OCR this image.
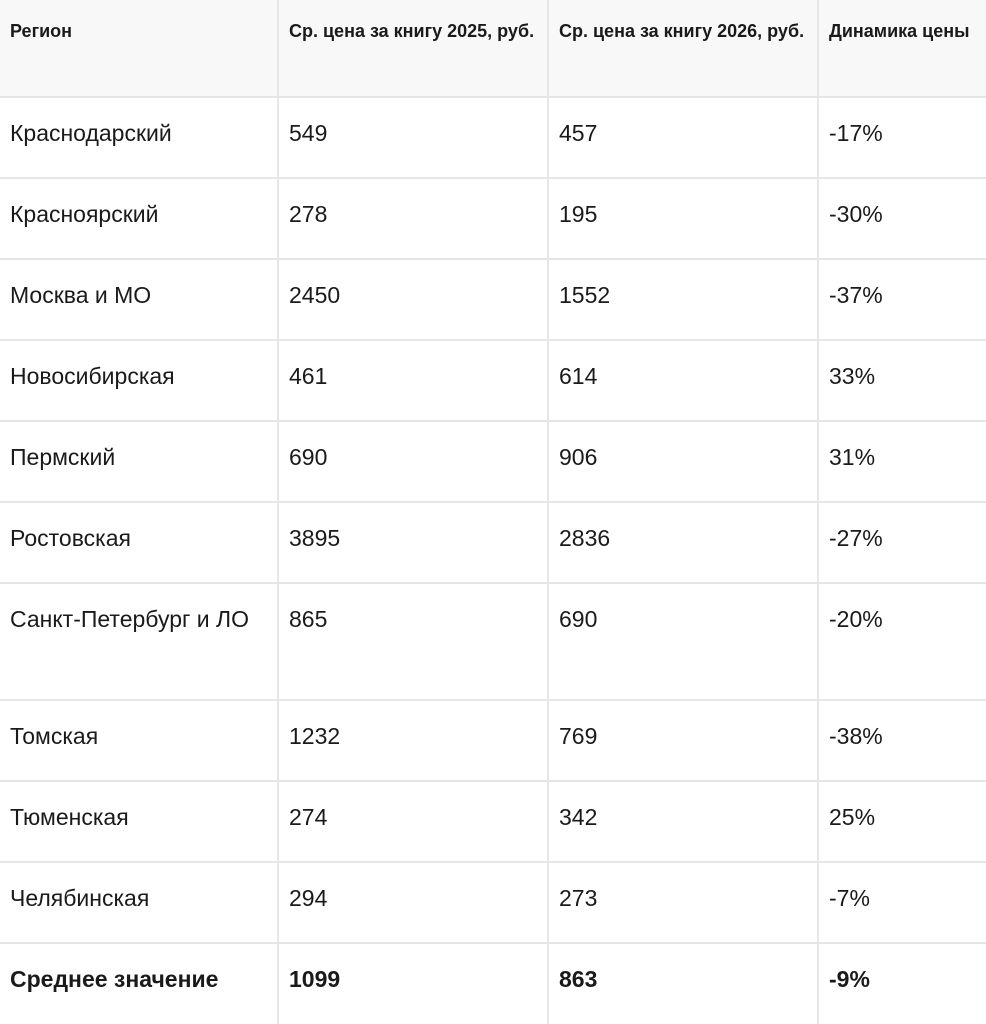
Регион	Ср. цена за книгу 2025, руб.	Ср. цена за книгу 2026, руб.	Динамика цены
Краснодарский	549	457	-17%
Красноярский	278	195	-30%
Москва и МО	2450	1552	-37%
Новосибирская	461	614	33%
Пермский	690	906	31%
Ростовская	3895	2836	-27%
Санкт-Петербург и ЛО	865	690	-20%
Томская	1232	769	-38%
Тюменская	274	342	25%
Челябинская	294	273	-7%
Среднее значение	1099	863	-9%
